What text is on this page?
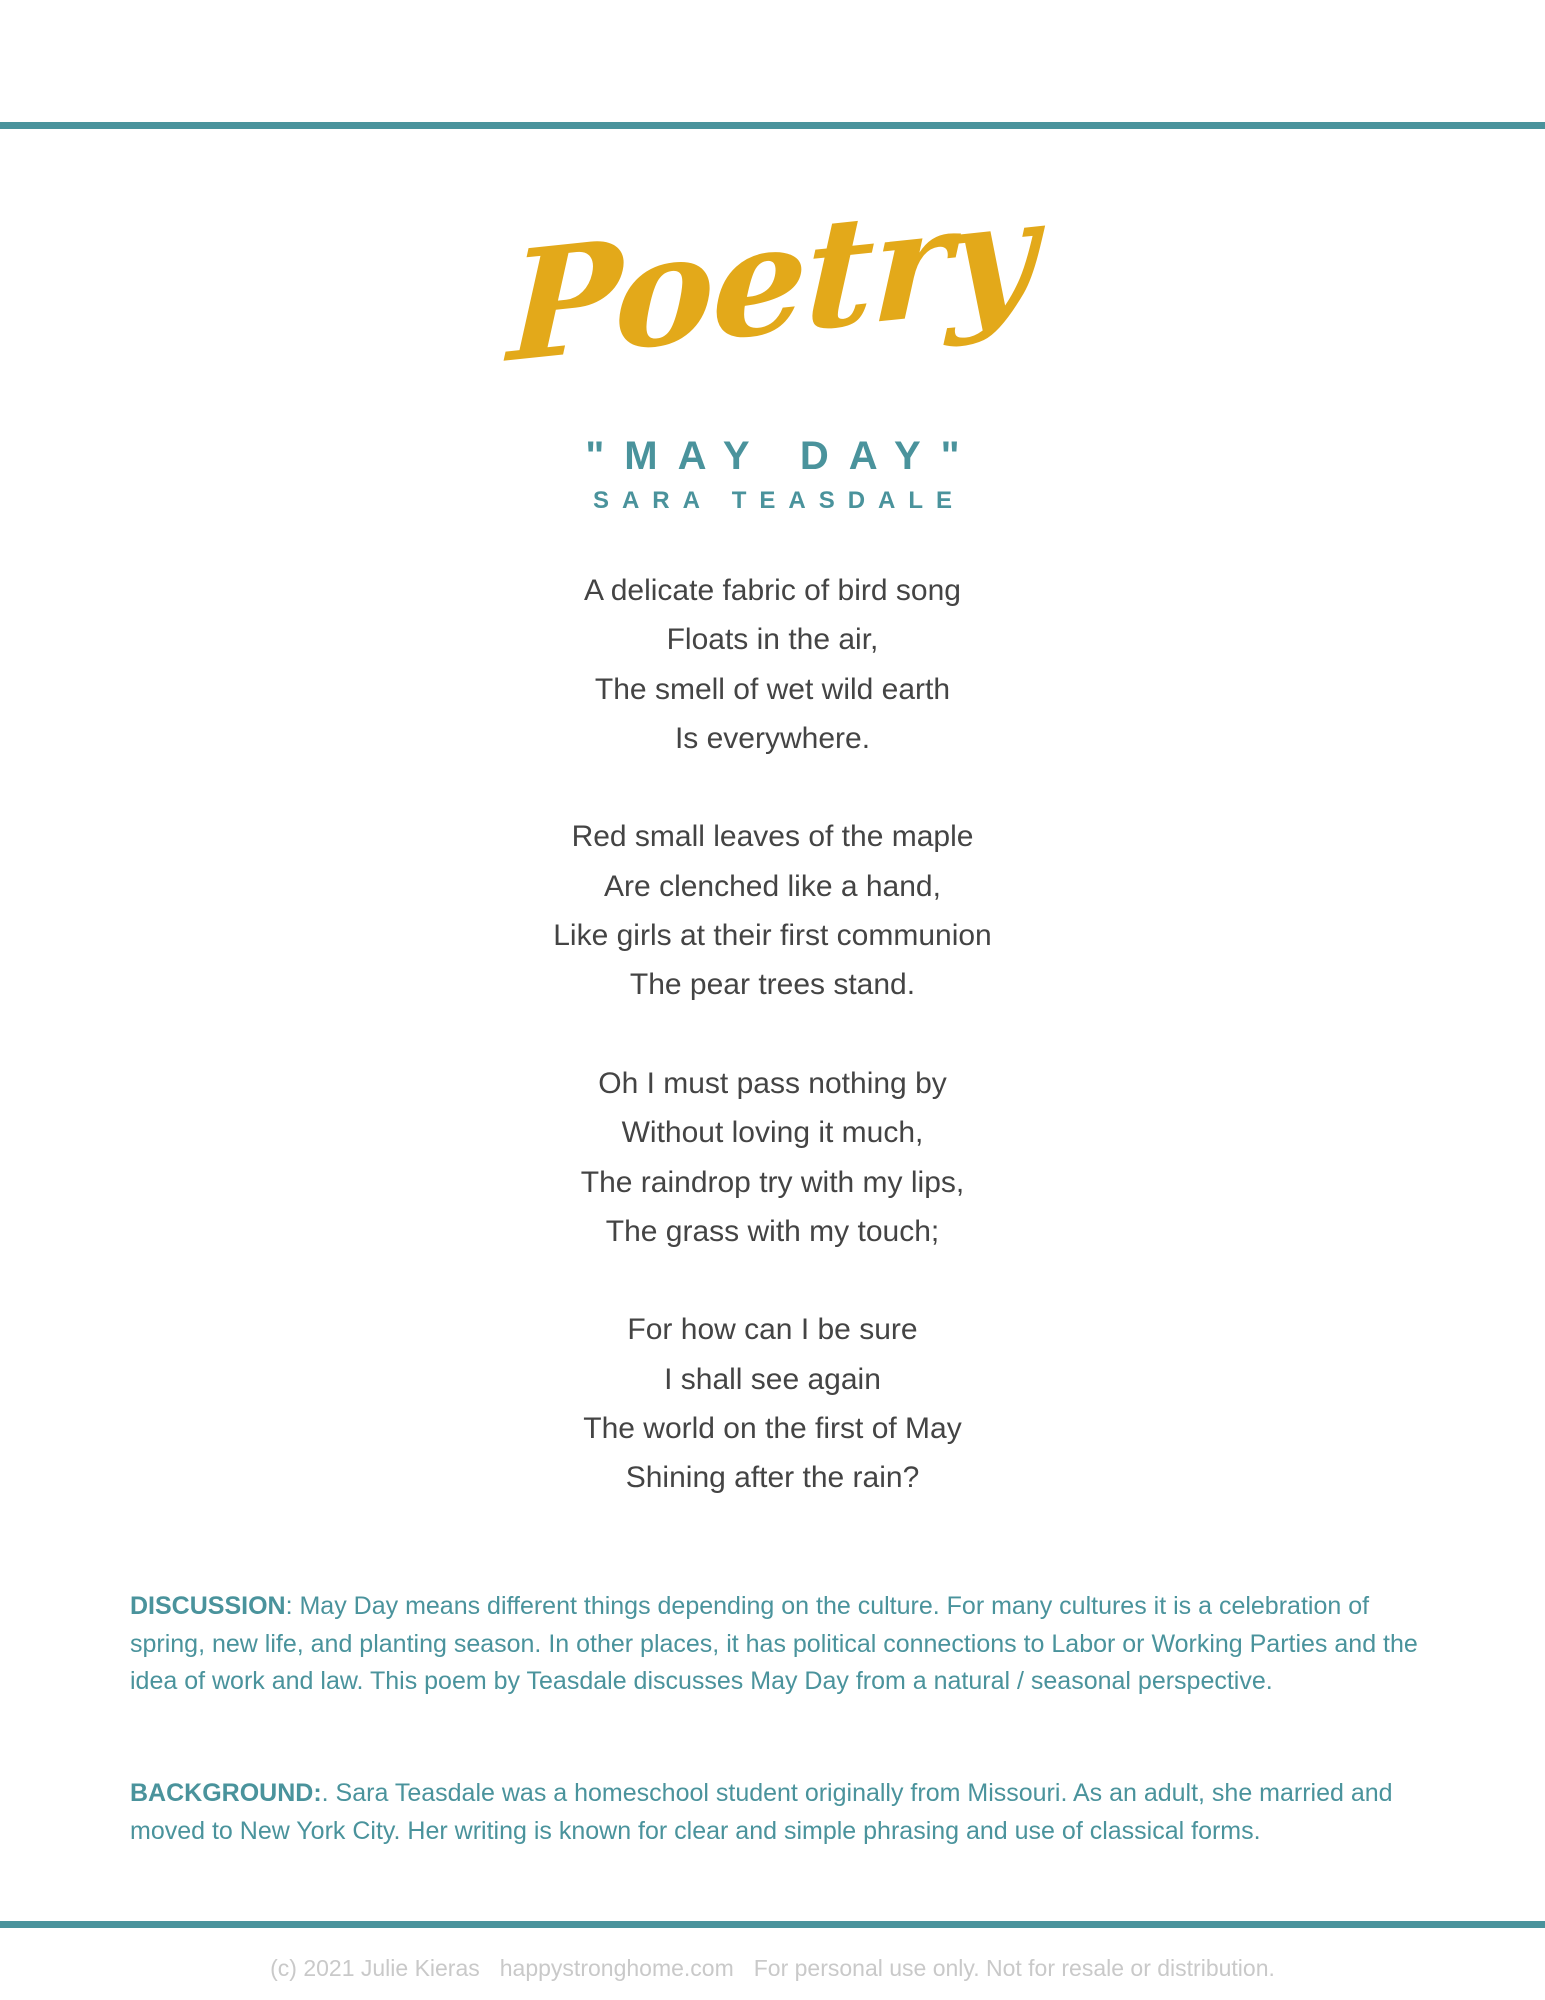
Poetry
"MAY DAY"
SARA TEASDALE
A delicate fabric of bird song
Floats in the air,
The smell of wet wild earth
Is everywhere.
Red small leaves of the maple
Are clenched like a hand,
Like girls at their first communion
The pear trees stand.
Oh I must pass nothing by
Without loving it much,
The raindrop try with my lips,
The grass with my touch;
For how can I be sure
I shall see again
The world on the first of May
Shining after the rain?
DISCUSSION: May Day means different things depending on the culture. For many cultures it is a celebration of spring, new life, and planting season. In other places, it has political connections to Labor or Working Parties and the idea of work and law. This poem by Teasdale discusses May Day from a natural / seasonal perspective.
BACKGROUND:. Sara Teasdale was a homeschool student originally from Missouri. As an adult, she married and moved to New York City. Her writing is known for clear and simple phrasing and use of classical forms.
(c) 2021 Julie Kieras happystronghome.com For personal use only. Not for resale or distribution.
